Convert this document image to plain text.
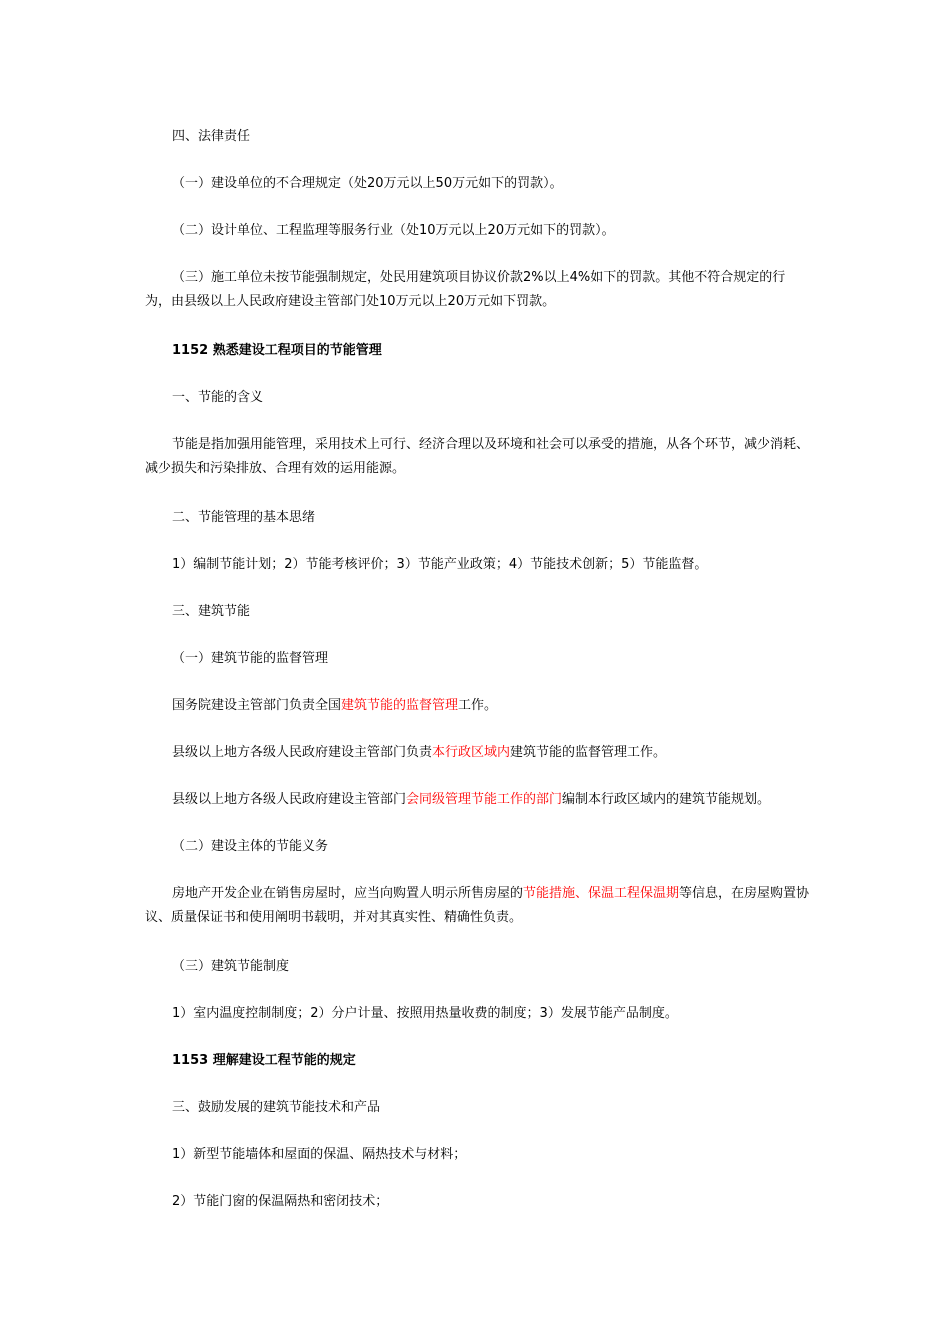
四、法律责任
（一）建设单位的不合理规定（处20万元以上50万元如下的罚款）。
（二）设计单位、工程监理等服务行业（处10万元以上20万元如下的罚款）。
（三）施工单位未按节能强制规定，处民用建筑项目协议价款2%以上4%如下的罚款。其他不符合规定的行为，由县级以上人民政府建设主管部门处10万元以上20万元如下罚款。
1152 熟悉建设工程项目的节能管理
一、节能的含义
节能是指加强用能管理，采用技术上可行、经济合理以及环境和社会可以承受的措施，从各个环节，减少消耗、减少损失和污染排放、合理有效的运用能源。
二、节能管理的基本思绪
1）编制节能计划；2）节能考核评价；3）节能产业政策；4）节能技术创新；5）节能监督。
三、建筑节能
（一）建筑节能的监督管理
国务院建设主管部门负责全国建筑节能的监督管理工作。
县级以上地方各级人民政府建设主管部门负责本行政区域内建筑节能的监督管理工作。
县级以上地方各级人民政府建设主管部门会同级管理节能工作的部门编制本行政区域内的建筑节能规划。
（二）建设主体的节能义务
房地产开发企业在销售房屋时，应当向购置人明示所售房屋的节能措施、保温工程保温期等信息，在房屋购置协议、质量保证书和使用阐明书载明，并对其真实性、精确性负责。
（三）建筑节能制度
1）室内温度控制制度；2）分户计量、按照用热量收费的制度；3）发展节能产品制度。
1153 理解建设工程节能的规定
三、鼓励发展的建筑节能技术和产品
1）新型节能墙体和屋面的保温、隔热技术与材料；
2）节能门窗的保温隔热和密闭技术；
